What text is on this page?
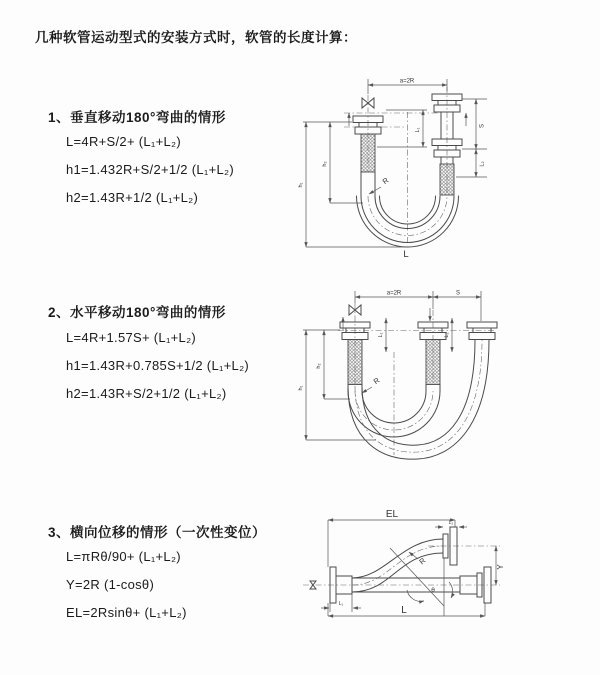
几种软管运动型式的安装方式时，软管的长度计算：
1、垂直移动180°弯曲的情形
L=4R+S/2+ (L₁+L₂)
h1=1.432R+S/2+1/2 (L₁+L₂)
h2=1.43R+1/2 (L₁+L₂)
2、水平移动180°弯曲的情形
L=4R+1.57S+ (L₁+L₂)
h1=1.43R+0.785S+1/2 (L₁+L₂)
h2=1.43R+S/2+1/2 (L₁+L₂)
3、横向位移的情形（一次性变位）
L=πRθ/90+ (L₁+L₂)
Y=2R (1-cosθ)
EL=2Rsinθ+ (L₁+L₂)
a=2R
L₁
S
L₂
h₁
h₂
R
L
a=2R	S
L₁	L₂
h₁
h₂
R
EL
L₂
Y
R
θ
L
L₁
